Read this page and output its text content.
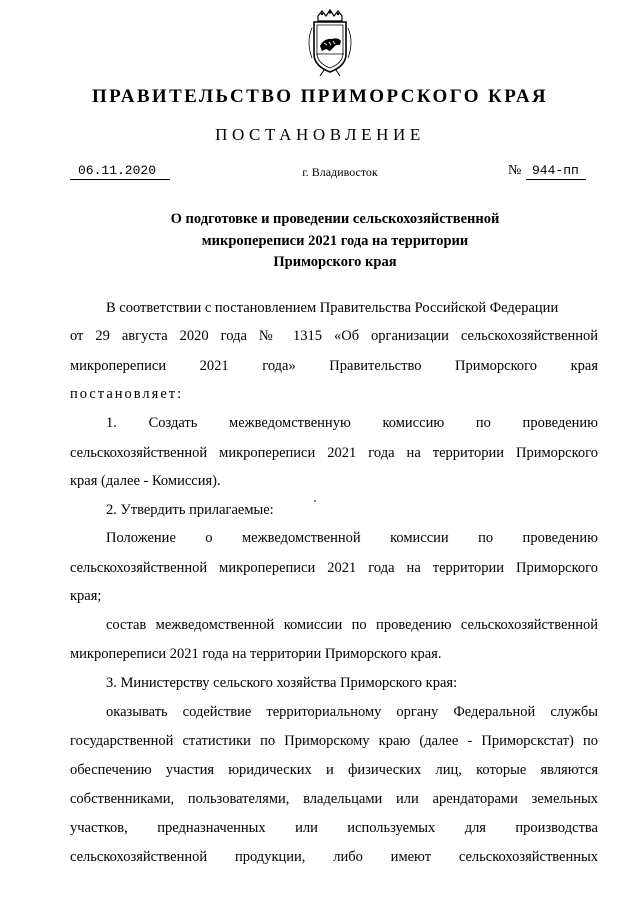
ПРАВИТЕЛЬСТВО ПРИМОРСКОГО КРАЯ
ПОСТАНОВЛЕНИЕ
06.11.2020	г. Владивосток	№ 944-пп
О подготовке и проведении сельскохозяйственной
микропереписи 2021 года на территории
Приморского края
В соответствии с постановлением Правительства Российской Федерации
от 29 августа 2020 года № 1315 «Об организации сельскохозяйственной
микропереписи 2021 года» Правительство Приморского края
постановляет:
1. Создать межведомственную комиссию по проведению
сельскохозяйственной микропереписи 2021 года на территории Приморского
края (далее - Комиссия).
2. Утвердить прилагаемые:
Положение о межведомственной комиссии по проведению
сельскохозяйственной микропереписи 2021 года на территории Приморского
края;
состав межведомственной комиссии по проведению сельскохозяйственной
микропереписи 2021 года на территории Приморского края.
3. Министерству сельского хозяйства Приморского края:
оказывать содействие территориальному органу Федеральной службы
государственной статистики по Приморскому краю (далее - Приморскстат) по
обеспечению участия юридических и физических лиц, которые являются
собственниками, пользователями, владельцами или арендаторами земельных
участков, предназначенных или используемых для производства
сельскохозяйственной продукции, либо имеют сельскохозяйственных
